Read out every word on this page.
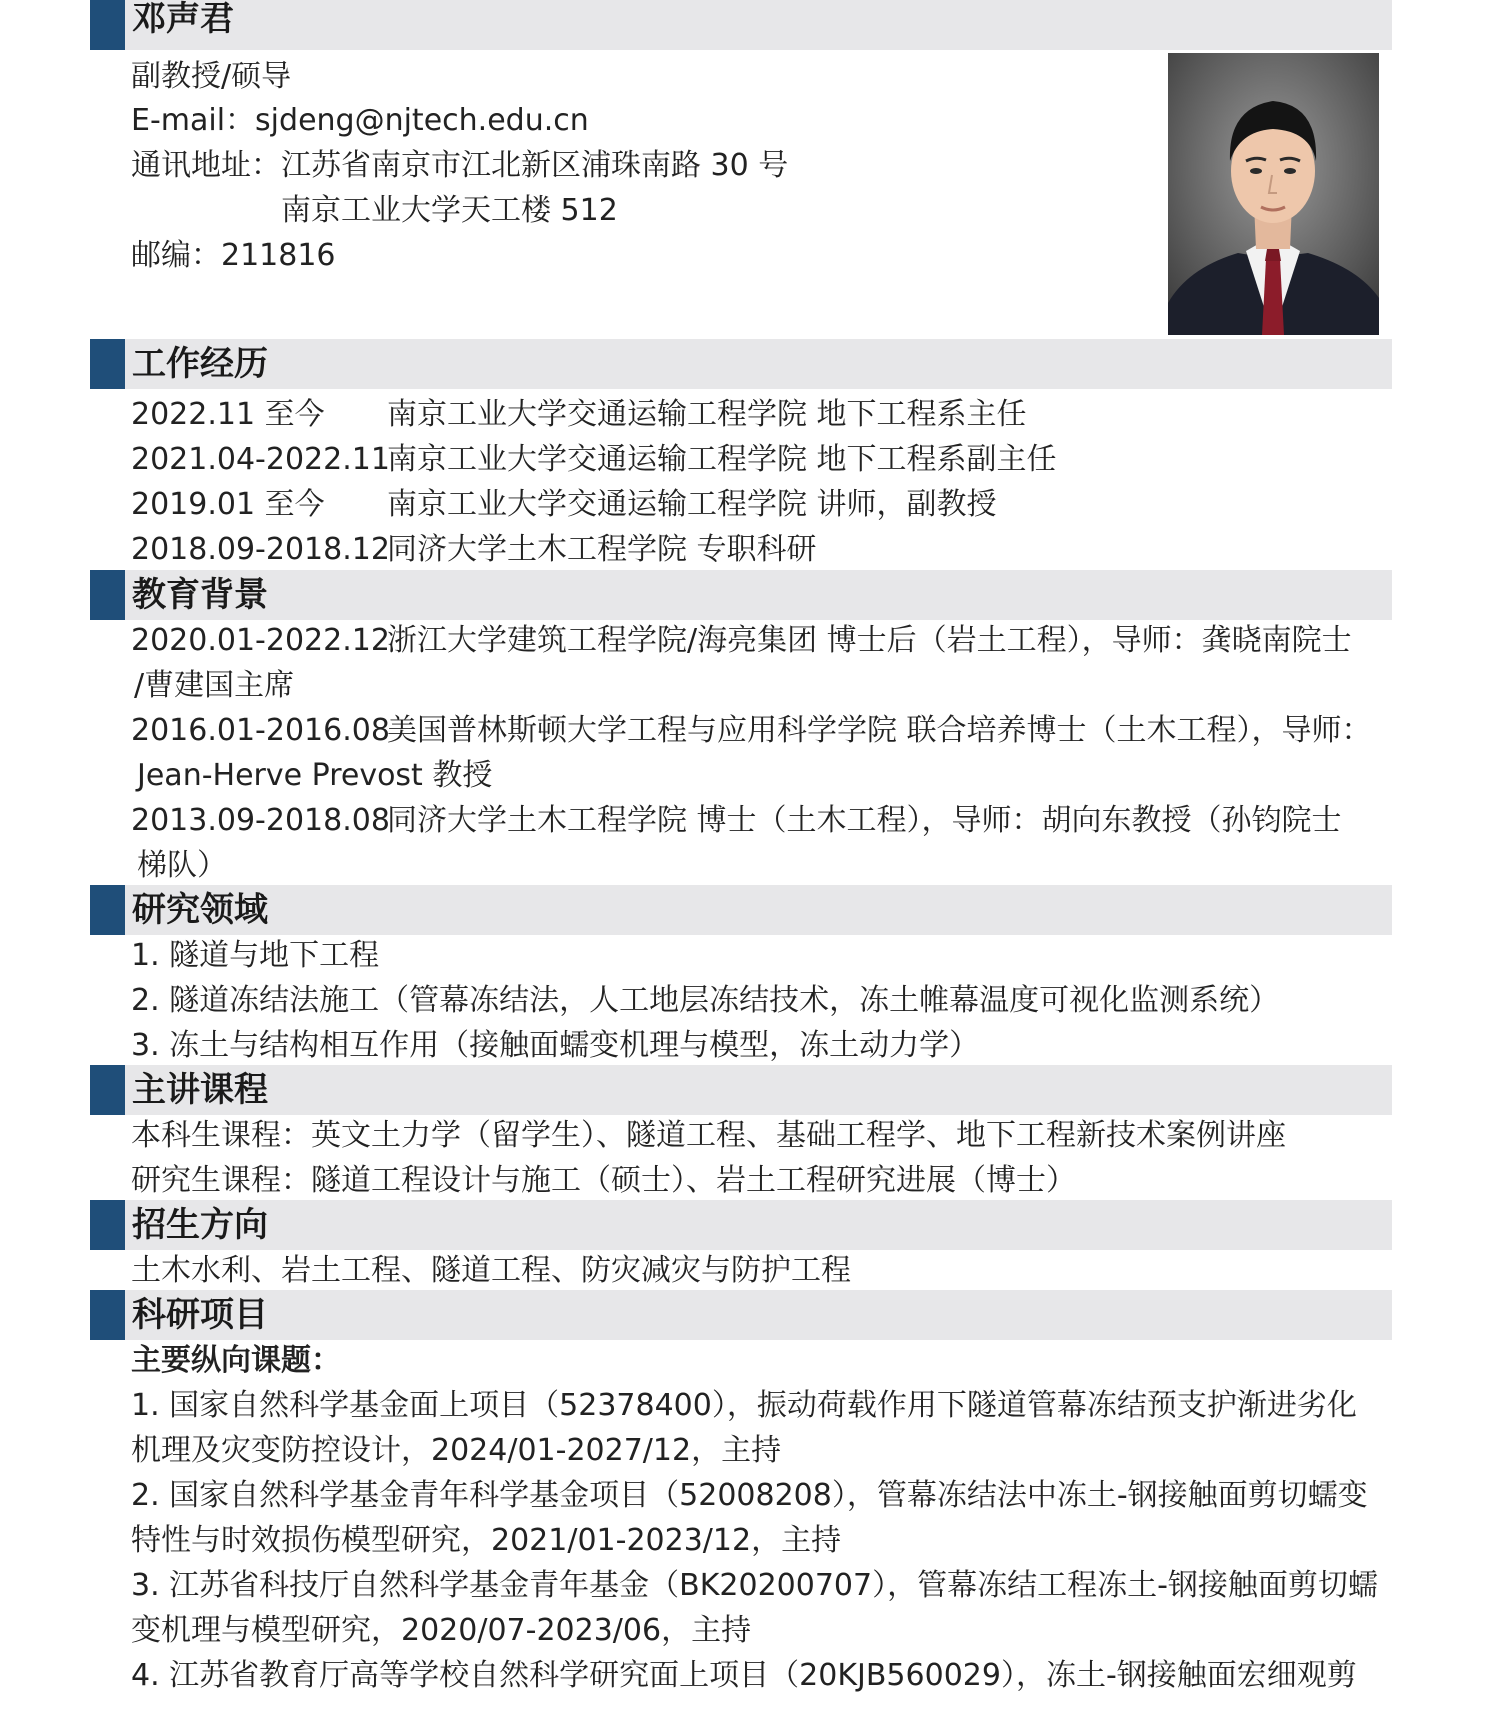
邓声君
副教授/硕导
E-mail：sjdeng@njtech.edu.cn
通讯地址：江苏省南京市江北新区浦珠南路 30 号
南京工业大学天工楼 512
邮编：211816
工作经历
2022.11 至今 南京工业大学交通运输工程学院 地下工程系主任
2021.04-2022.11南京工业大学交通运输工程学院 地下工程系副主任
2019.01 至今 南京工业大学交通运输工程学院 讲师，副教授
2018.09-2018.12同济大学土木工程学院 专职科研
教育背景
2020.01-2022.12浙江大学建筑工程学院/海亮集团 博士后（岩土工程），导师：龚晓南院士
/曹建国主席
2016.01-2016.08美国普林斯顿大学工程与应用科学学院 联合培养博士（土木工程），导师：
Jean-Herve Prevost 教授
2013.09-2018.08同济大学土木工程学院 博士（土木工程），导师：胡向东教授（孙钧院士
梯队）
研究领域
1. 隧道与地下工程
2. 隧道冻结法施工（管幕冻结法，人工地层冻结技术，冻土帷幕温度可视化监测系统）
3. 冻土与结构相互作用（接触面蠕变机理与模型，冻土动力学）
主讲课程
本科生课程：英文土力学（留学生）、隧道工程、基础工程学、地下工程新技术案例讲座
研究生课程：隧道工程设计与施工（硕士）、岩土工程研究进展（博士）
招生方向
土木水利、岩土工程、隧道工程、防灾减灾与防护工程
科研项目
主要纵向课题：
1. 国家自然科学基金面上项目（52378400），振动荷载作用下隧道管幕冻结预支护渐进劣化
机理及灾变防控设计，2024/01-2027/12，主持
2. 国家自然科学基金青年科学基金项目（52008208），管幕冻结法中冻土-钢接触面剪切蠕变
特性与时效损伤模型研究，2021/01-2023/12，主持
3. 江苏省科技厅自然科学基金青年基金（BK20200707），管幕冻结工程冻土-钢接触面剪切蠕
变机理与模型研究，2020/07-2023/06，主持
4. 江苏省教育厅高等学校自然科学研究面上项目（20KJB560029），冻土-钢接触面宏细观剪
